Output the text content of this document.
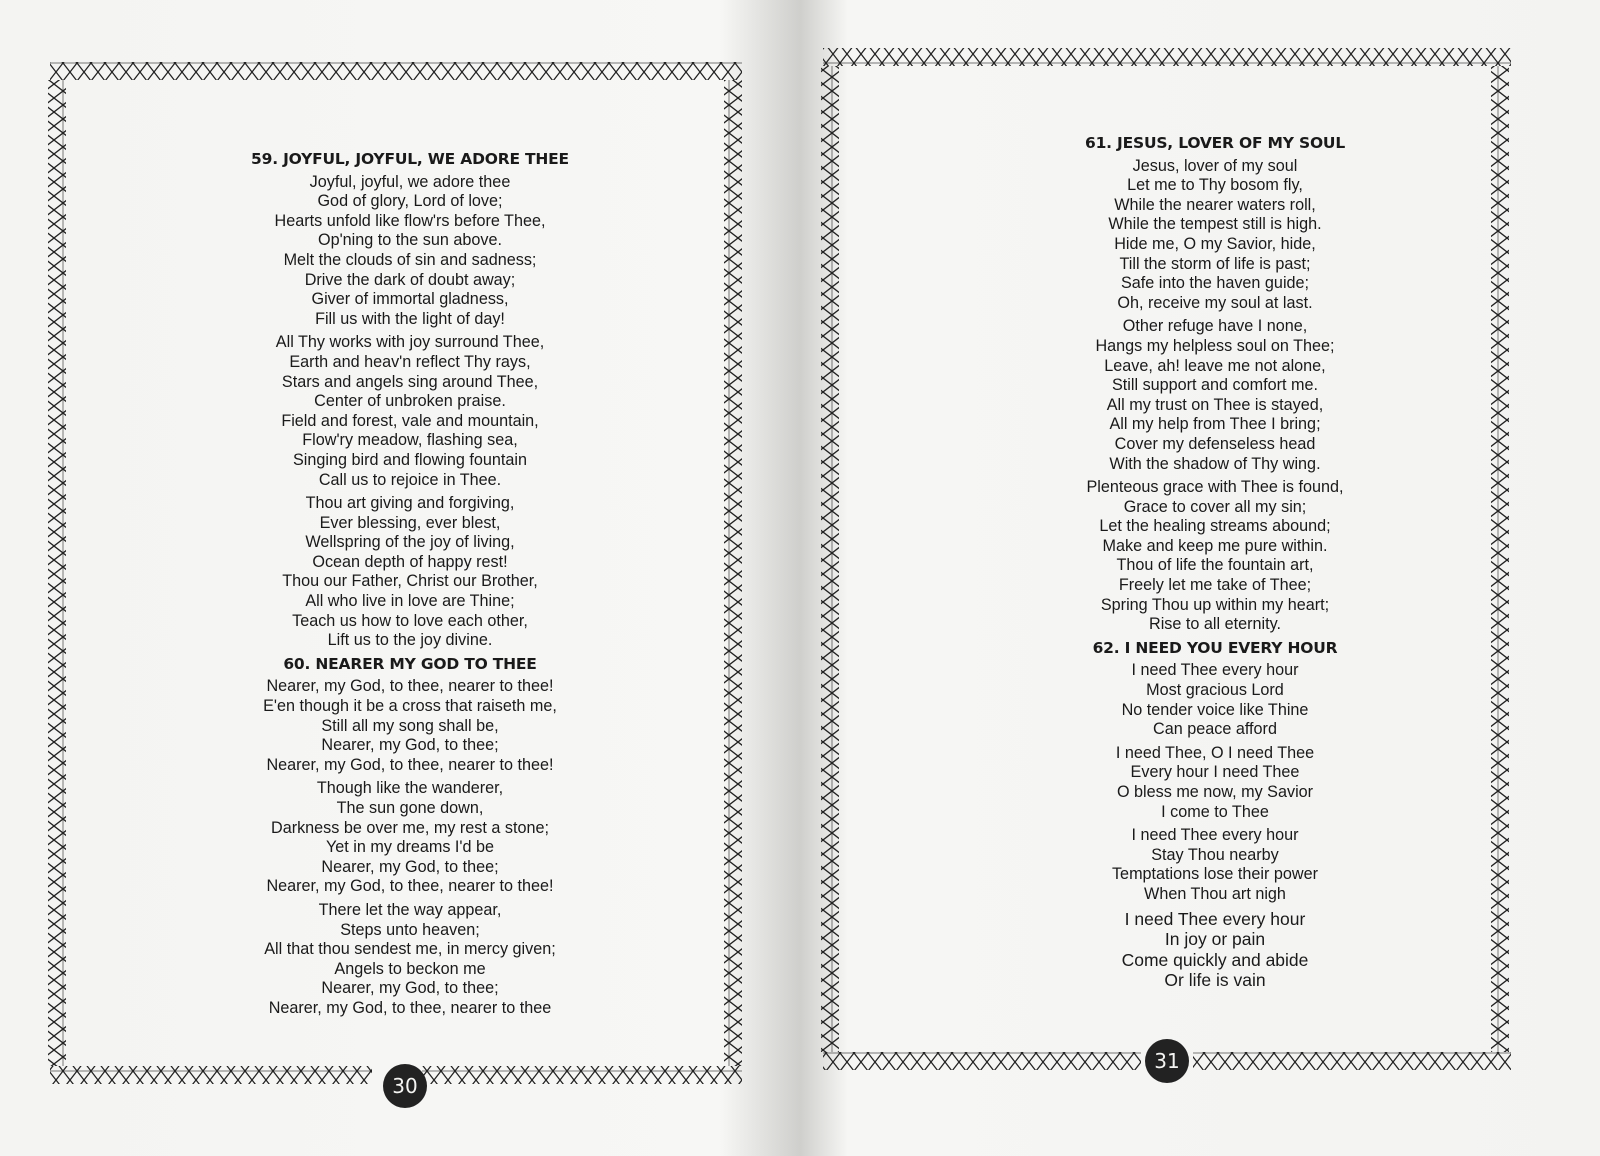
59. JOYFUL, JOYFUL, WE ADORE THEE
Joyful, joyful, we adore thee
God of glory, Lord of love;
Hearts unfold like flow'rs before Thee,
Op'ning to the sun above.
Melt the clouds of sin and sadness;
Drive the dark of doubt away;
Giver of immortal gladness,
Fill us with the light of day!
All Thy works with joy surround Thee,
Earth and heav'n reflect Thy rays,
Stars and angels sing around Thee,
Center of unbroken praise.
Field and forest, vale and mountain,
Flow'ry meadow, flashing sea,
Singing bird and flowing fountain
Call us to rejoice in Thee.
Thou art giving and forgiving,
Ever blessing, ever blest,
Wellspring of the joy of living,
Ocean depth of happy rest!
Thou our Father, Christ our Brother,
All who live in love are Thine;
Teach us how to love each other,
Lift us to the joy divine.
60. NEARER MY GOD TO THEE
Nearer, my God, to thee, nearer to thee!
E'en though it be a cross that raiseth me,
Still all my song shall be,
Nearer, my God, to thee;
Nearer, my God, to thee, nearer to thee!
Though like the wanderer,
The sun gone down,
Darkness be over me, my rest a stone;
Yet in my dreams I'd be
Nearer, my God, to thee;
Nearer, my God, to thee, nearer to thee!
There let the way appear,
Steps unto heaven;
All that thou sendest me, in mercy given;
Angels to beckon me
Nearer, my God, to thee;
Nearer, my God, to thee, nearer to thee
30
61. JESUS, LOVER OF MY SOUL
Jesus, lover of my soul
Let me to Thy bosom fly,
While the nearer waters roll,
While the tempest still is high.
Hide me, O my Savior, hide,
Till the storm of life is past;
Safe into the haven guide;
Oh, receive my soul at last.
Other refuge have I none,
Hangs my helpless soul on Thee;
Leave, ah! leave me not alone,
Still support and comfort me.
All my trust on Thee is stayed,
All my help from Thee I bring;
Cover my defenseless head
With the shadow of Thy wing.
Plenteous grace with Thee is found,
Grace to cover all my sin;
Let the healing streams abound;
Make and keep me pure within.
Thou of life the fountain art,
Freely let me take of Thee;
Spring Thou up within my heart;
Rise to all eternity.
62. I NEED YOU EVERY HOUR
I need Thee every hour
Most gracious Lord
No tender voice like Thine
Can peace afford
I need Thee, O I need Thee
Every hour I need Thee
O bless me now, my Savior
I come to Thee
I need Thee every hour
Stay Thou nearby
Temptations lose their power
When Thou art nigh
I need Thee every hour
In joy or pain
Come quickly and abide
Or life is vain
31
